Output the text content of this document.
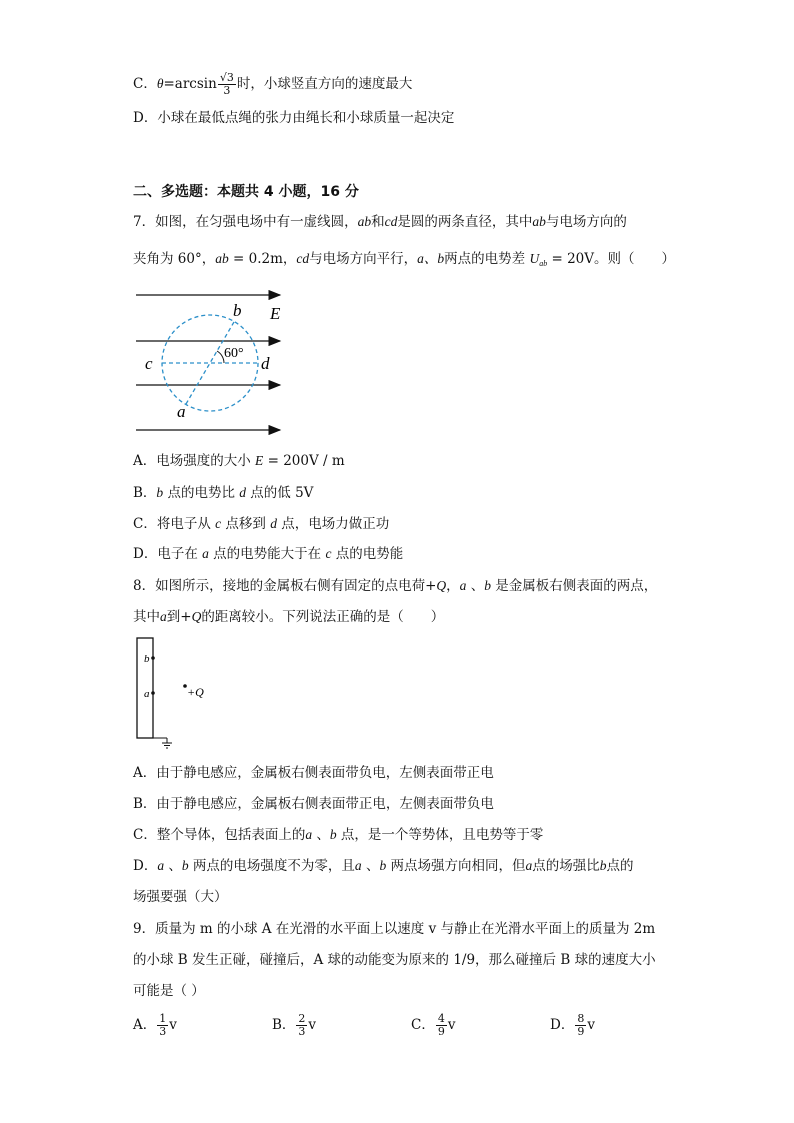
C．$\theta=\arcsin \frac{√3}{3}$ 时，小球竖直方向的速度最大
D．小球在最低点绳的张力由绳长和小球质量一起决定
二、多选题：本题共 4 小题，16 分
7．如图，在匀强电场中有一虚线圆，ab和cd是圆的两条直径，其中ab与电场方向的
夹角为 60°，ab = 0.2m，cd与电场方向平行，a、b两点的电势差 $U_{ab} = 20V$。则（　　）
60°
b E
c	d
a
A．电场强度的大小 E = 200V / m
B．b 点的电势比 d 点的低 5V
C．将电子从 c 点移到 d 点，电场力做正功
D．电子在 a 点的电势能大于在 c 点的电势能
8．如图所示，接地的金属板右侧有固定的点电荷+Q，a 、b 是金属板右侧表面的两点，
其中a到+Q的距离较小。下列说法正确的是（　　）
b
a	+Q
A．由于静电感应，金属板右侧表面带负电，左侧表面带正电
B．由于静电感应，金属板右侧表面带正电，左侧表面带负电
C．整个导体，包括表面上的a 、b 点，是一个等势体，且电势等于零
D．a 、b 两点的电场强度不为零，且a 、b 两点场强方向相同，但a点的场强比b点的
场强要强（大）
9．质量为 m 的小球 A 在光滑的水平面上以速度 v 与静止在光滑水平面上的质量为 2m
的小球 B 发生正碰，碰撞后，A 球的动能变为原来的 1/9，那么碰撞后 B 球的速度大小
可能是（ ）
A． $\frac{1}{3}$ v	B． $\frac{2}{3}$ v	C． $\frac{4}{9}$ v	D． $\frac{8}{9}$ v
